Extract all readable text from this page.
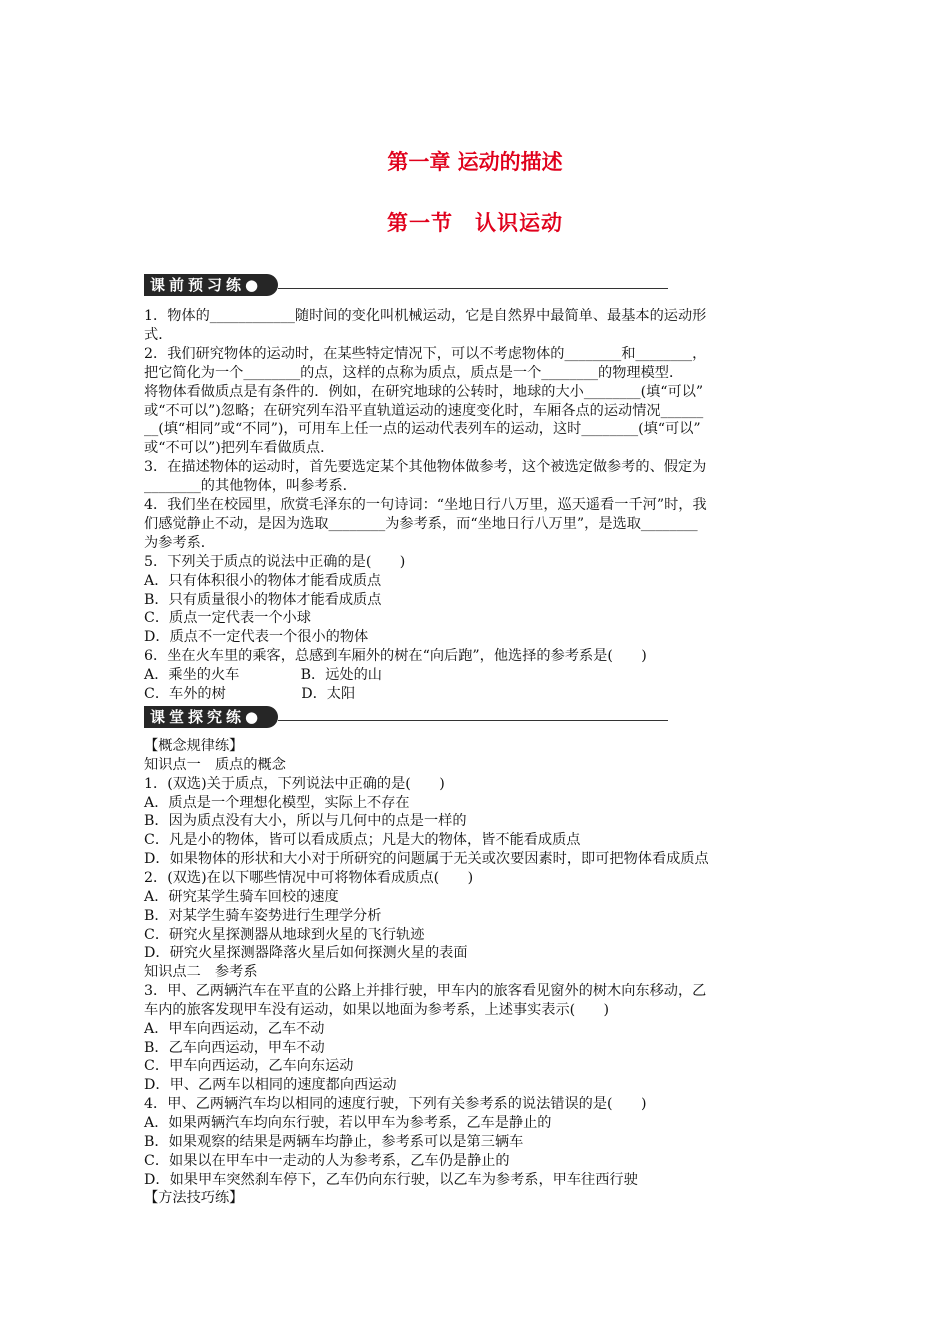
第一章 运动的描述
第一节　认识运动
课前预习练●
1．物体的____________随时间的变化叫机械运动，它是自然界中最简单、最基本的运动形
式．
2．我们研究物体的运动时，在某些特定情况下，可以不考虑物体的________和________，
把它简化为一个________的点，这样的点称为质点，质点是一个________的物理模型．
将物体看做质点是有条件的．例如，在研究地球的公转时，地球的大小________(填“可以”
或“不可以”)忽略；在研究列车沿平直轨道运动的速度变化时，车厢各点的运动情况______
__(填“相同”或“不同”)，可用车上任一点的运动代表列车的运动，这时________(填“可以”
或“不可以”)把列车看做质点．
3．在描述物体的运动时，首先要选定某个其他物体做参考，这个被选定做参考的、假定为
________的其他物体，叫参考系．
4．我们坐在校园里，欣赏毛泽东的一句诗词：“坐地日行八万里，巡天遥看一千河”时，我
们感觉静止不动，是因为选取________为参考系，而“坐地日行八万里”，是选取________
为参考系．
5．下列关于质点的说法中正确的是(　　)
A．只有体积很小的物体才能看成质点
B．只有质量很小的物体才能看成质点
C．质点一定代表一个小球
D．质点不一定代表一个很小的物体
6．坐在火车里的乘客，总感到车厢外的树在“向后跑”，他选择的参考系是(　　)
A．乘坐的火车　　　　 B．远处的山
C．车外的树　　　　　 D．太阳
课堂探究练●
【概念规律练】
知识点一　质点的概念
1．(双选)关于质点，下列说法中正确的是(　　)
A．质点是一个理想化模型，实际上不存在
B．因为质点没有大小，所以与几何中的点是一样的
C．凡是小的物体，皆可以看成质点；凡是大的物体，皆不能看成质点
D．如果物体的形状和大小对于所研究的问题属于无关或次要因素时，即可把物体看成质点
2．(双选)在以下哪些情况中可将物体看成质点(　　)
A．研究某学生骑车回校的速度
B．对某学生骑车姿势进行生理学分析
C．研究火星探测器从地球到火星的飞行轨迹
D．研究火星探测器降落火星后如何探测火星的表面
知识点二　参考系
3．甲、乙两辆汽车在平直的公路上并排行驶，甲车内的旅客看见窗外的树木向东移动，乙
车内的旅客发现甲车没有运动，如果以地面为参考系，上述事实表示(　　)
A．甲车向西运动，乙车不动
B．乙车向西运动，甲车不动
C．甲车向西运动，乙车向东运动
D．甲、乙两车以相同的速度都向西运动
4．甲、乙两辆汽车均以相同的速度行驶，下列有关参考系的说法错误的是(　　)
A．如果两辆汽车均向东行驶，若以甲车为参考系，乙车是静止的
B．如果观察的结果是两辆车均静止，参考系可以是第三辆车
C．如果以在甲车中一走动的人为参考系，乙车仍是静止的
D．如果甲车突然刹车停下，乙车仍向东行驶，以乙车为参考系，甲车往西行驶
【方法技巧练】
